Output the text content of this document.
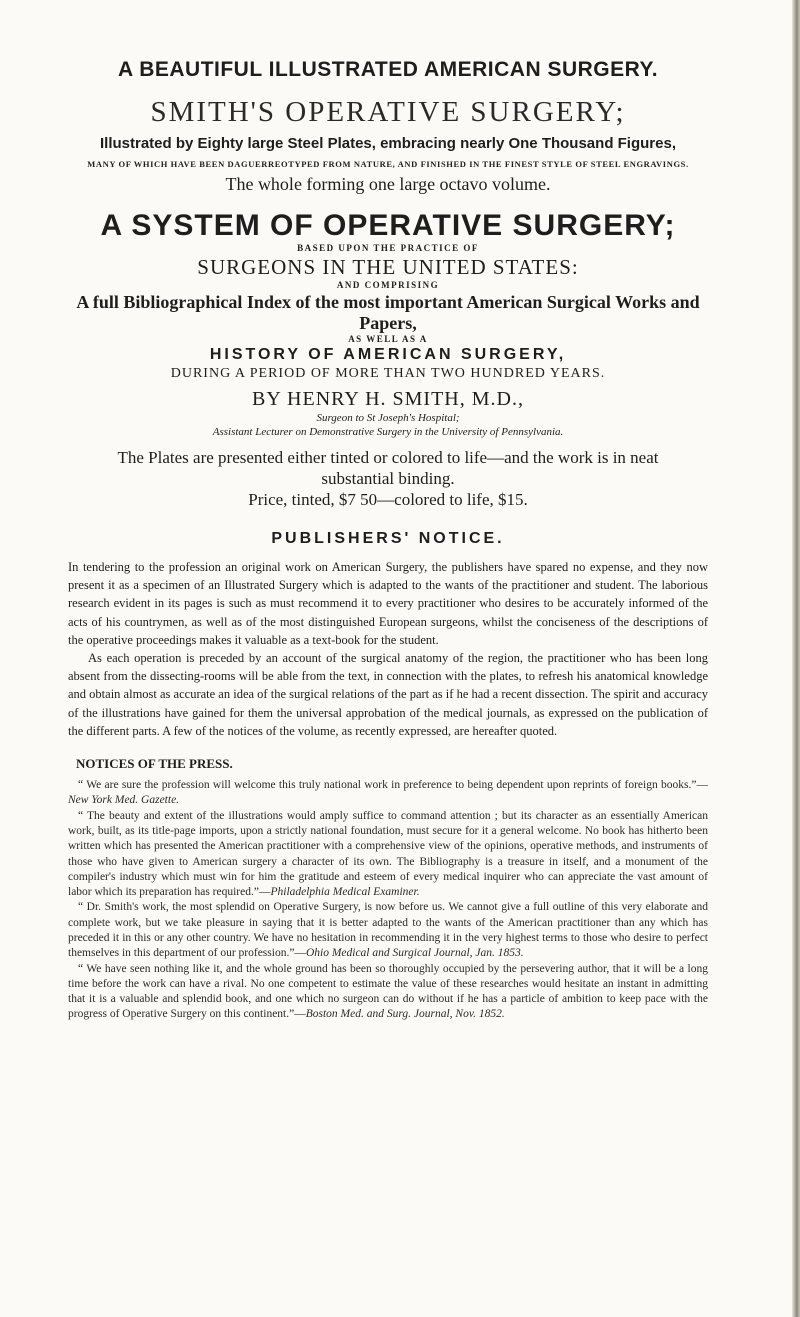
A BEAUTIFUL ILLUSTRATED AMERICAN SURGERY.
SMITH'S OPERATIVE SURGERY;
Illustrated by Eighty large Steel Plates, embracing nearly One Thousand Figures,
MANY OF WHICH HAVE BEEN DAGUERREOTYPED FROM NATURE, AND FINISHED IN THE FINEST STYLE OF STEEL ENGRAVINGS.
The whole forming one large octavo volume.
A SYSTEM OF OPERATIVE SURGERY;
BASED UPON THE PRACTICE OF
SURGEONS IN THE UNITED STATES:
AND COMPRISING
A full Bibliographical Index of the most important American Surgical Works and Papers,
AS WELL AS A
HISTORY OF AMERICAN SURGERY,
DURING A PERIOD OF MORE THAN TWO HUNDRED YEARS.
BY HENRY H. SMITH, M.D.,
Surgeon to St Joseph's Hospital;
Assistant Lecturer on Demonstrative Surgery in the University of Pennsylvania.
The Plates are presented either tinted or colored to life—and the work is in neat
substantial binding.
Price, tinted, $7 50—colored to life, $15.
PUBLISHERS' NOTICE.

In tendering to the profession an original work on American Surgery, the publishers have spared no expense, and they now present it as a specimen of an Illustrated Surgery which is adapted to the wants of the practitioner and student. The laborious research evident in its pages is such as must recommend it to every practitioner who desires to be accurately informed of the acts of his countrymen, as well as of the most distinguished European surgeons, whilst the conciseness of the descriptions of the operative proceedings makes it valuable as a text-book for the student.

As each operation is preceded by an account of the surgical anatomy of the region, the practitioner who has been long absent from the dissecting-rooms will be able from the text, in connection with the plates, to refresh his anatomical knowledge and obtain almost as accurate an idea of the surgical relations of the part as if he had a recent dissection. The spirit and accuracy of the illustrations have gained for them the universal approbation of the medical journals, as expressed on the publication of the different parts. A few of the notices of the volume, as recently expressed, are hereafter quoted.

NOTICES OF THE PRESS.

“ We are sure the profession will welcome this truly national work in preference to being dependent upon reprints of foreign books.”—New York Med. Gazette.

“ The beauty and extent of the illustrations would amply suffice to command attention ; but its character as an essentially American work, built, as its title-page imports, upon a strictly national foundation, must secure for it a general welcome. No book has hitherto been written which has presented the American practitioner with a comprehensive view of the opinions, operative methods, and instruments of those who have given to American surgery a character of its own. The Bibliography is a treasure in itself, and a monument of the compiler's industry which must win for him the gratitude and esteem of every medical inquirer who can appreciate the vast amount of labor which its preparation has required.”—Philadelphia Medical Examiner.

“ Dr. Smith's work, the most splendid on Operative Surgery, is now before us. We cannot give a full outline of this very elaborate and complete work, but we take pleasure in saying that it is better adapted to the wants of the American practitioner than any which has preceded it in this or any other country. We have no hesitation in recommending it in the very highest terms to those who desire to perfect themselves in this department of our profession.”—Ohio Medical and Surgical Journal, Jan. 1853.

“ We have seen nothing like it, and the whole ground has been so thoroughly occupied by the persevering author, that it will be a long time before the work can have a rival. No one competent to estimate the value of these researches would hesitate an instant in admitting that it is a valuable and splendid book, and one which no surgeon can do without if he has a particle of ambition to keep pace with the progress of Operative Surgery on this continent.”—Boston Med. and Surg. Journal, Nov. 1852.
